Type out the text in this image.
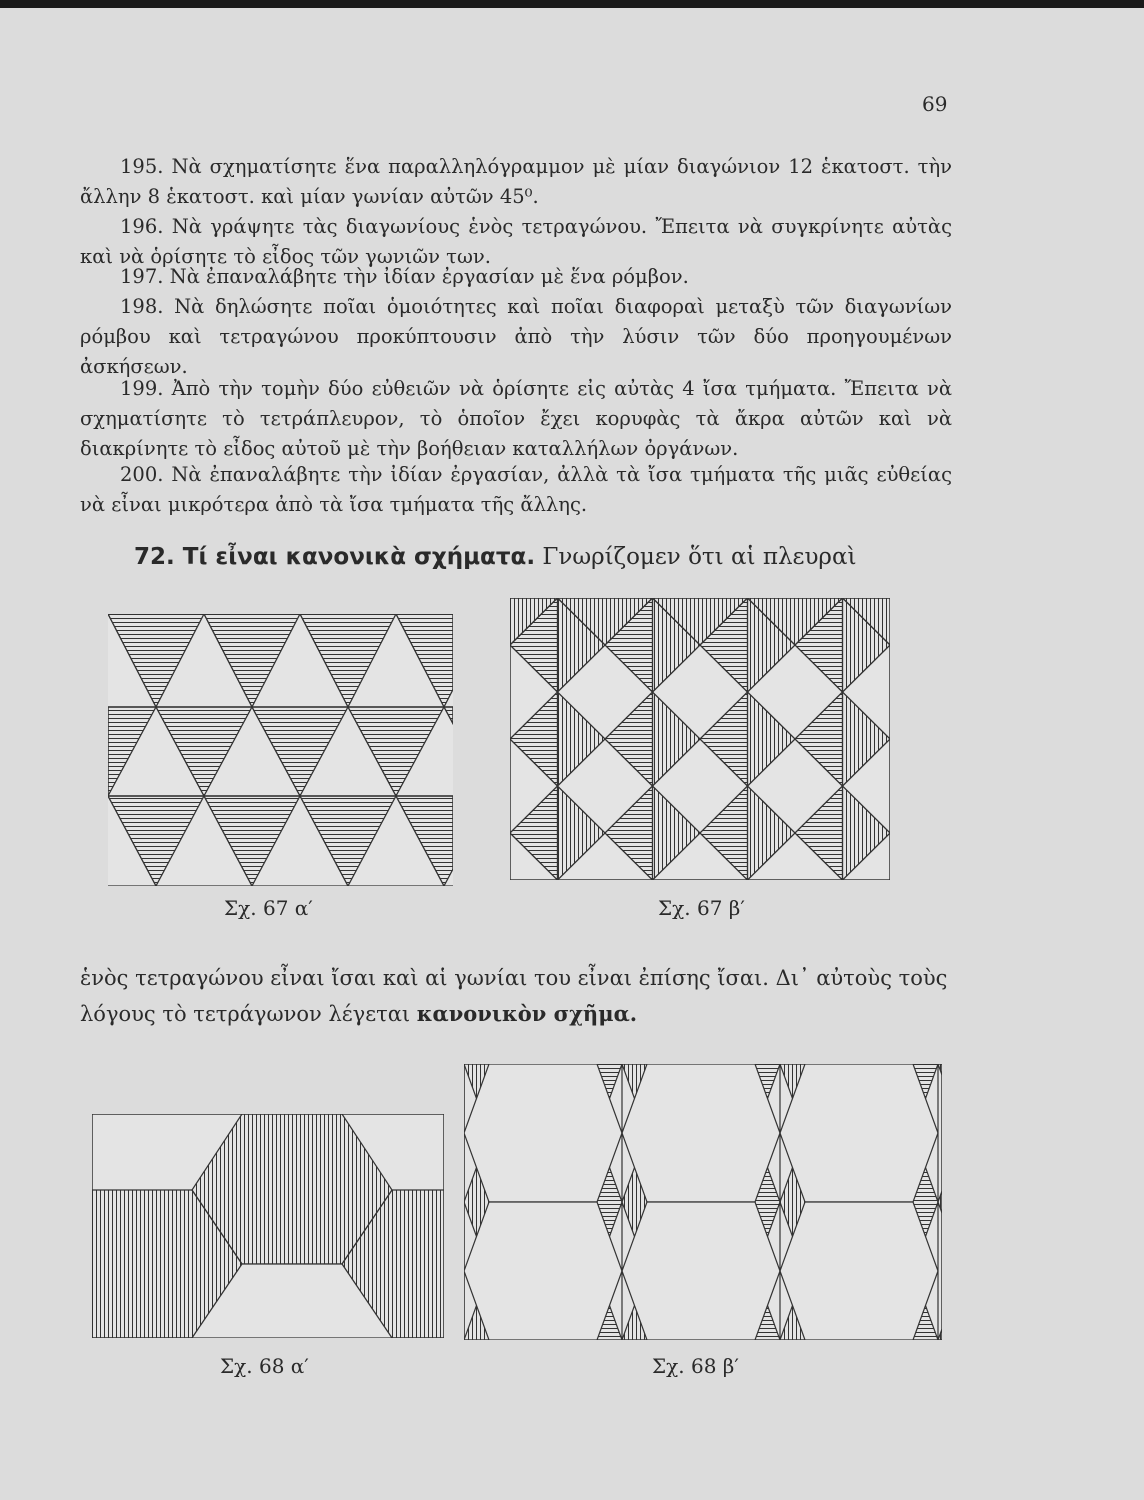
69
195. Νὰ σχηματίσητε ἕνα παραλληλόγραμμον μὲ μίαν διαγώνιον 12 ἑκατοστ. τὴν ἄλλην 8 ἑκατοστ. καὶ μίαν γωνίαν αὐτῶν 45⁰.
196. Νὰ γράψητε τὰς διαγωνίους ἑνὸς τετραγώνου. Ἔπειτα νὰ συγκρίνητε αὐτὰς καὶ νὰ ὁρίσητε τὸ εἶδος τῶν γωνιῶν των.
197. Νὰ ἐπαναλάβητε τὴν ἰδίαν ἐργασίαν μὲ ἕνα ρόμβον.
198. Νὰ δηλώσητε ποῖαι ὁμοιότητες καὶ ποῖαι διαφοραὶ μεταξὺ τῶν διαγωνίων ρόμβου καὶ τετραγώνου προκύπτουσιν ἀπὸ τὴν λύσιν τῶν δύο προηγουμένων ἀσκήσεων.
199. Ἀπὸ τὴν τομὴν δύο εὐθειῶν νὰ ὁρίσητε εἰς αὐτὰς 4 ἴσα τμήματα. Ἔπειτα νὰ σχηματίσητε τὸ τετράπλευρον, τὸ ὁποῖον ἔχει κορυφὰς τὰ ἄκρα αὐτῶν καὶ νὰ διακρίνητε τὸ εἶδος αὐτοῦ μὲ τὴν βοήθειαν καταλλήλων ὀργάνων.
200. Νὰ ἐπαναλάβητε τὴν ἰδίαν ἐργασίαν, ἀλλὰ τὰ ἴσα τμήματα τῆς μιᾶς εὐθείας νὰ εἶναι μικρότερα ἀπὸ τὰ ἴσα τμήματα τῆς ἄλλης.
72. Τί εἶναι κανονικὰ σχήματα. Γνωρίζομεν ὅτι αἱ πλευραὶ
Σχ. 67 α′	Σχ. 67 β′
ἑνὸς τετραγώνου εἶναι ἴσαι καὶ αἱ γωνίαι του εἶναι ἐπίσης ἴσαι. Δι᾽ αὐτοὺς τοὺς λόγους τὸ τετράγωνον λέγεται κανονικὸν σχῆμα.
Σχ. 68 α′	Σχ. 68 β′
